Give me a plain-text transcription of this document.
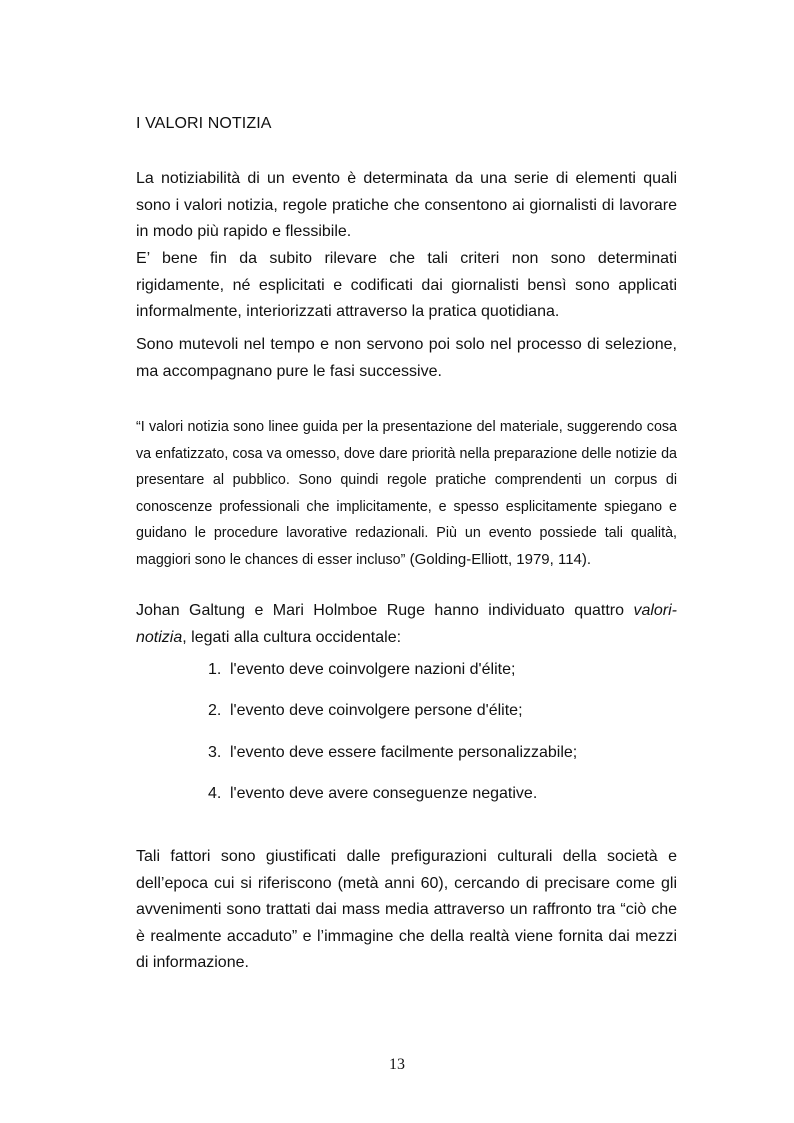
I VALORI NOTIZIA

La notiziabilità di un evento è determinata da una serie di elementi quali sono i valori notizia, regole pratiche che consentono ai giornalisti di lavorare in modo più rapido e flessibile.

E’ bene fin da subito rilevare che tali criteri non sono determinati rigidamente, né esplicitati e codificati dai giornalisti bensì sono applicati informalmente, interiorizzati attraverso la pratica quotidiana.

Sono mutevoli nel tempo e non servono poi solo nel processo di selezione, ma accompagnano pure le fasi successive.

“I valori notizia sono linee guida per la presentazione del materiale, suggerendo cosa va enfatizzato, cosa va omesso, dove dare priorità nella preparazione delle notizie da presentare al pubblico. Sono quindi regole pratiche comprendenti un corpus di conoscenze professionali che implicitamente, e spesso esplicitamente spiegano e guidano le procedure lavorative redazionali. Più un evento possiede tali qualità, maggiori sono le chances di esser incluso” (Golding-Elliott, 1979, 114).

Johan Galtung e Mari Holmboe Ruge hanno individuato quattro valori-notizia, legati alla cultura occidentale:

1. l'evento deve coinvolgere nazioni d'élite;
2. l'evento deve coinvolgere persone d'élite;
3. l'evento deve essere facilmente personalizzabile;
4. l'evento deve avere conseguenze negative.

Tali fattori sono giustificati dalle prefigurazioni culturali della società e dell’epoca cui si riferiscono (metà anni 60), cercando di precisare come gli avvenimenti sono trattati dai mass media attraverso un raffronto tra “ciò che è realmente accaduto” e l’immagine che della realtà viene fornita dai mezzi di informazione.

13
